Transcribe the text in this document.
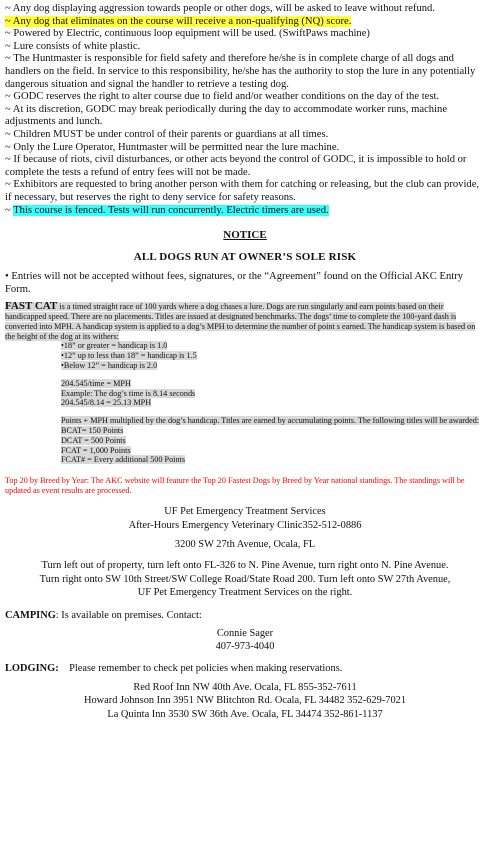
~ Any dog displaying aggression towards people or other dogs, will be asked to leave without refund.
~ Any dog that eliminates on the course will receive a non-qualifying (NQ) score.
~ Powered by Electric, continuous loop equipment will be used. (SwiftPaws machine)
~ Lure consists of white plastic.
~ The Huntmaster is responsible for field safety and therefore he/she is in complete charge of all dogs and handlers on the field. In service to this responsibility, he/she has the authority to stop the lure in any potentially dangerous situation and signal the handler to retrieve a testing dog.
~ GODC reserves the right to alter course due to field and/or weather conditions on the day of the test.
~ At its discretion, GODC may break periodically during the day to accommodate worker runs, machine adjustments and lunch.
~ Children MUST be under control of their parents or guardians at all times.
~ Only the Lure Operator, Huntmaster will be permitted near the lure machine.
~ If because of riots, civil disturbances, or other acts beyond the control of GODC, it is impossible to hold or complete the tests a refund of entry fees will not be made.
~ Exhibitors are requested to bring another person with them for catching or releasing, but the club can provide, if necessary, but reserves the right to deny service for safety reasons.
~ This course is fenced. Tests will run concurrently. Electric timers are used.
NOTICE
ALL DOGS RUN AT OWNER’S SOLE RISK
• Entries will not be accepted without fees, signatures, or the “Agreement” found on the Official AKC Entry Form.
FAST CAT is a timed straight race of 100 yards where a dog chases a lure. Dogs are run singularly and earn points based on their handicapped speed. There are no placements. Titles are issued at designated benchmarks. The dogs’ time to complete the 100-yard dash is converted into MPH. A handicap system is applied to a dog’s MPH to determine the number of point s earned. The handicap system is based on the height of the dog at its withers:
•18” or greater = handicap is 1.0
•12” up to less than 18” = handicap is 1.5
•Below 12” = handicap is 2.0
204.545/time = MPH
Example: The dog’s time is 8.14 seconds
204.545/8.14 = 25.13 MPH
Points + MPH multiplied by the dog’s handicap. Titles are earned by accumulating points. The following titles will be awarded:
BCAT= 150 Points
DCAT = 500 Points
FCAT = 1,000 Points
FCAT# = Every additional 500 Points
Top 20 by Breed by Year: The AKC website will feature the Top 20 Fastest Dogs by Breed by Year national standings. The standings will be updated as event results are processed.
UF Pet Emergency Treatment Services
After-Hours Emergency Veterinary Clinic352-512-0886
3200 SW 27th Avenue, Ocala, FL
Turn left out of property, turn left onto FL-326 to N. Pine Avenue, turn right onto N. Pine Avenue.
Turn right onto SW 10th Street/SW College Road/State Road 200. Turn left onto SW 27th Avenue,
UF Pet Emergency Treatment Services on the right.
CAMPING: Is available on premises. Contact:
Connie Sager
407-973-4040
LODGING: Please remember to check pet policies when making reservations.
Red Roof Inn NW 40th Ave. Ocala, FL 855-352-7611
Howard Johnson Inn 3951 NW Blitchton Rd. Ocala, FL 34482 352-629-7021
La Quinta Inn 3530 SW 36th Ave. Ocala, FL 34474 352-861-1137
